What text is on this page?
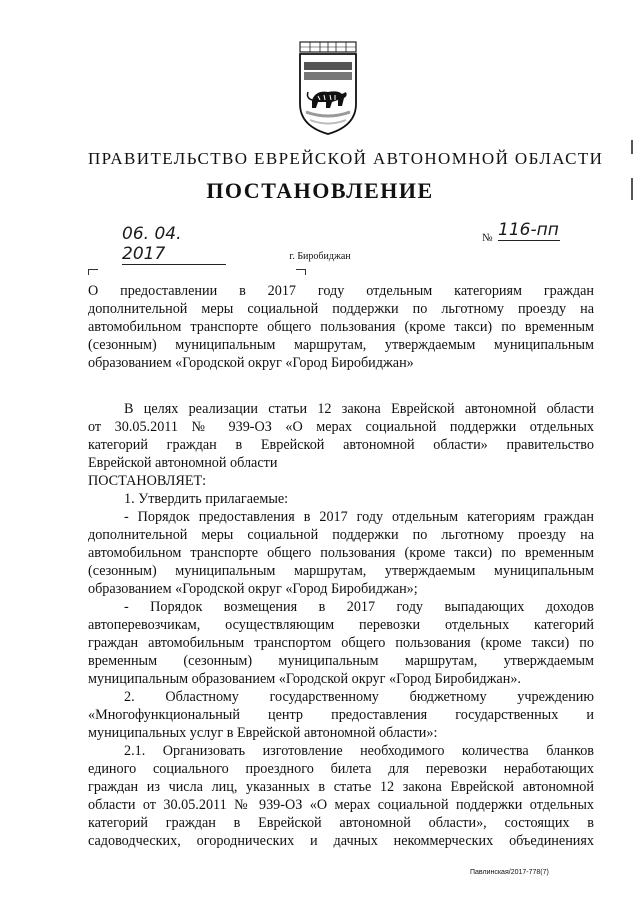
ПРАВИТЕЛЬСТВО ЕВРЕЙСКОЙ АВТОНОМНОЙ ОБЛАСТИ
ПОСТАНОВЛЕНИЕ
06. 04. 2017
№ 116-пп
г. Биробиджан
О предоставлении в 2017 году отдельным категориям граждан
дополнительной меры социальной поддержки по льготному проезду на
автомобильном транспорте общего пользования (кроме такси) по временным
(сезонным) муниципальным маршрутам, утверждаемым муниципальным
образованием «Городской округ «Город Биробиджан»
В целях реализации статьи 12 закона Еврейской автономной области
от 30.05.2011 № 939-ОЗ «О мерах социальной поддержки отдельных
категорий граждан в Еврейской автономной области» правительство
Еврейской автономной области
ПОСТАНОВЛЯЕТ:
1. Утвердить прилагаемые:
- Порядок предоставления в 2017 году отдельным категориям граждан
дополнительной меры социальной поддержки по льготному проезду на
автомобильном транспорте общего пользования (кроме такси) по временным
(сезонным) муниципальным маршрутам, утверждаемым муниципальным
образованием «Городской округ «Город Биробиджан»;
- Порядок возмещения в 2017 году выпадающих доходов
автоперевозчикам, осуществляющим перевозки отдельных категорий
граждан автомобильным транспортом общего пользования (кроме такси) по
временным (сезонным) муниципальным маршрутам, утверждаемым
муниципальным образованием «Городской округ «Город Биробиджан».
2. Областному государственному бюджетному учреждению
«Многофункциональный центр предоставления государственных и
муниципальных услуг в Еврейской автономной области»:
2.1. Организовать изготовление необходимого количества бланков
единого социального проездного билета для перевозки неработающих
граждан из числа лиц, указанных в статье 12 закона Еврейской автономной
области от 30.05.2011 № 939-ОЗ «О мерах социальной поддержки отдельных
категорий граждан в Еврейской автономной области», состоящих в
садоводческих, огороднических и дачных некоммерческих объединениях
Павлинская/2017-778(7)
